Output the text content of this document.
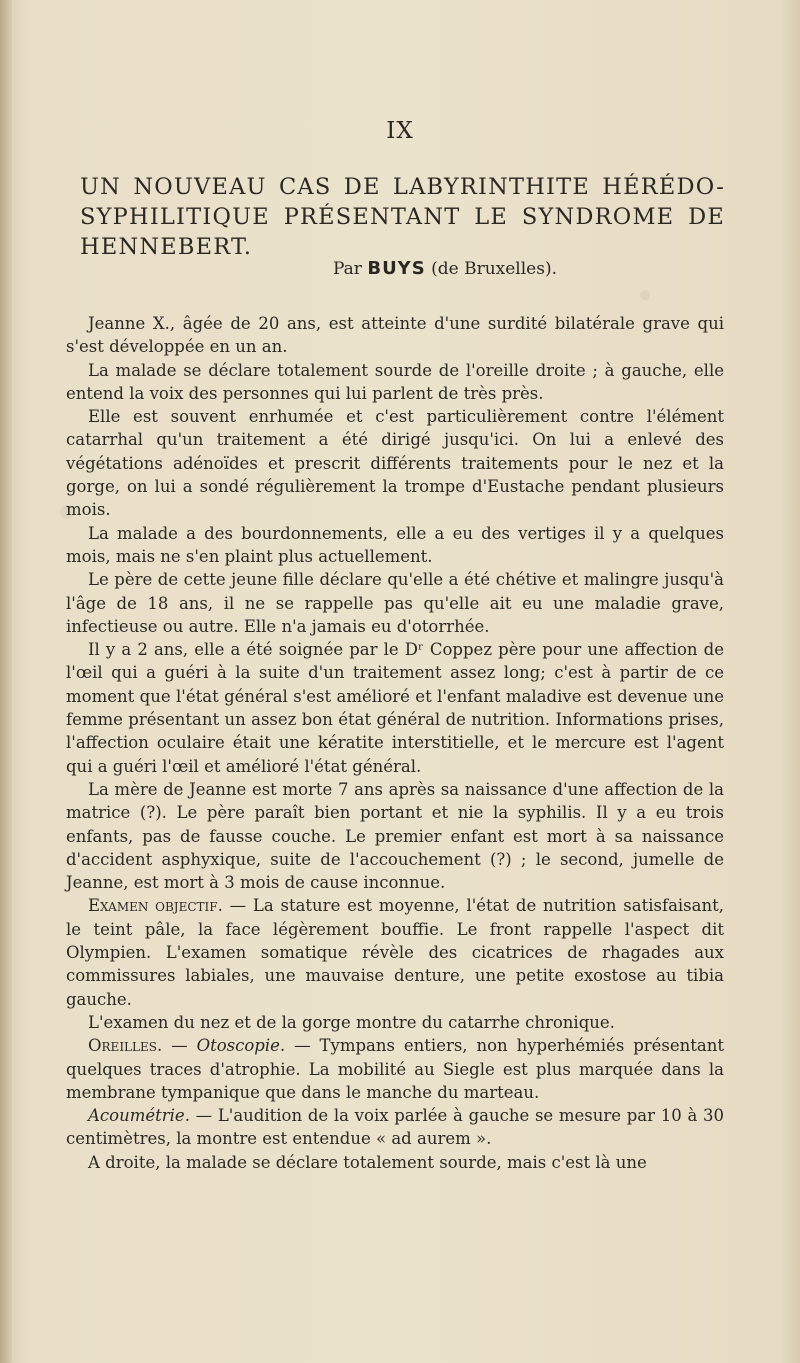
IX
UN NOUVEAU CAS DE LABYRINTHITE HÉRÉDO-SYPHILITIQUE PRÉSENTANT LE SYNDROME DE HENNEBERT.
Par BUYS (de Bruxelles).

Jeanne X., âgée de 20 ans, est atteinte d'une surdité bilatérale grave qui s'est développée en un an.

La malade se déclare totalement sourde de l'oreille droite ; à gauche, elle entend la voix des personnes qui lui parlent de très près.

Elle est souvent enrhumée et c'est particulièrement contre l'élément catarrhal qu'un traitement a été dirigé jusqu'ici. On lui a enlevé des végétations adénoïdes et prescrit différents traitements pour le nez et la gorge, on lui a sondé régulièrement la trompe d'Eustache pendant plusieurs mois.

La malade a des bourdonnements, elle a eu des vertiges il y a quelques mois, mais ne s'en plaint plus actuellement.

Le père de cette jeune fille déclare qu'elle a été chétive et malingre jusqu'à l'âge de 18 ans, il ne se rappelle pas qu'elle ait eu une maladie grave, infectieuse ou autre. Elle n'a jamais eu d'otorrhée.

Il y a 2 ans, elle a été soignée par le Dʳ Coppez père pour une affection de l'œil qui a guéri à la suite d'un traitement assez long; c'est à partir de ce moment que l'état général s'est amélioré et l'enfant maladive est devenue une femme présentant un assez bon état général de nutrition. Informations prises, l'affection oculaire était une kératite interstitielle, et le mercure est l'agent qui a guéri l'œil et amélioré l'état général.

La mère de Jeanne est morte 7 ans après sa naissance d'une affection de la matrice (?). Le père paraît bien portant et nie la syphilis. Il y a eu trois enfants, pas de fausse couche. Le premier enfant est mort à sa naissance d'accident asphyxique, suite de l'accouchement (?) ; le second, jumelle de Jeanne, est mort à 3 mois de cause inconnue.

Examen objectif. — La stature est moyenne, l'état de nutrition satisfaisant, le teint pâle, la face légèrement bouffie. Le front rappelle l'aspect dit Olympien. L'examen somatique révèle des cicatrices de rhagades aux commissures labiales, une mauvaise denture, une petite exostose au tibia gauche.

L'examen du nez et de la gorge montre du catarrhe chronique.

Oreilles. — Otoscopie. — Tympans entiers, non hyperhémiés présentant quelques traces d'atrophie. La mobilité au Siegle est plus marquée dans la membrane tympanique que dans le manche du marteau.

Acoumétrie. — L'audition de la voix parlée à gauche se mesure par 10 à 30 centimètres, la montre est entendue « ad aurem ».

A droite, la malade se déclare totalement sourde, mais c'est là une
